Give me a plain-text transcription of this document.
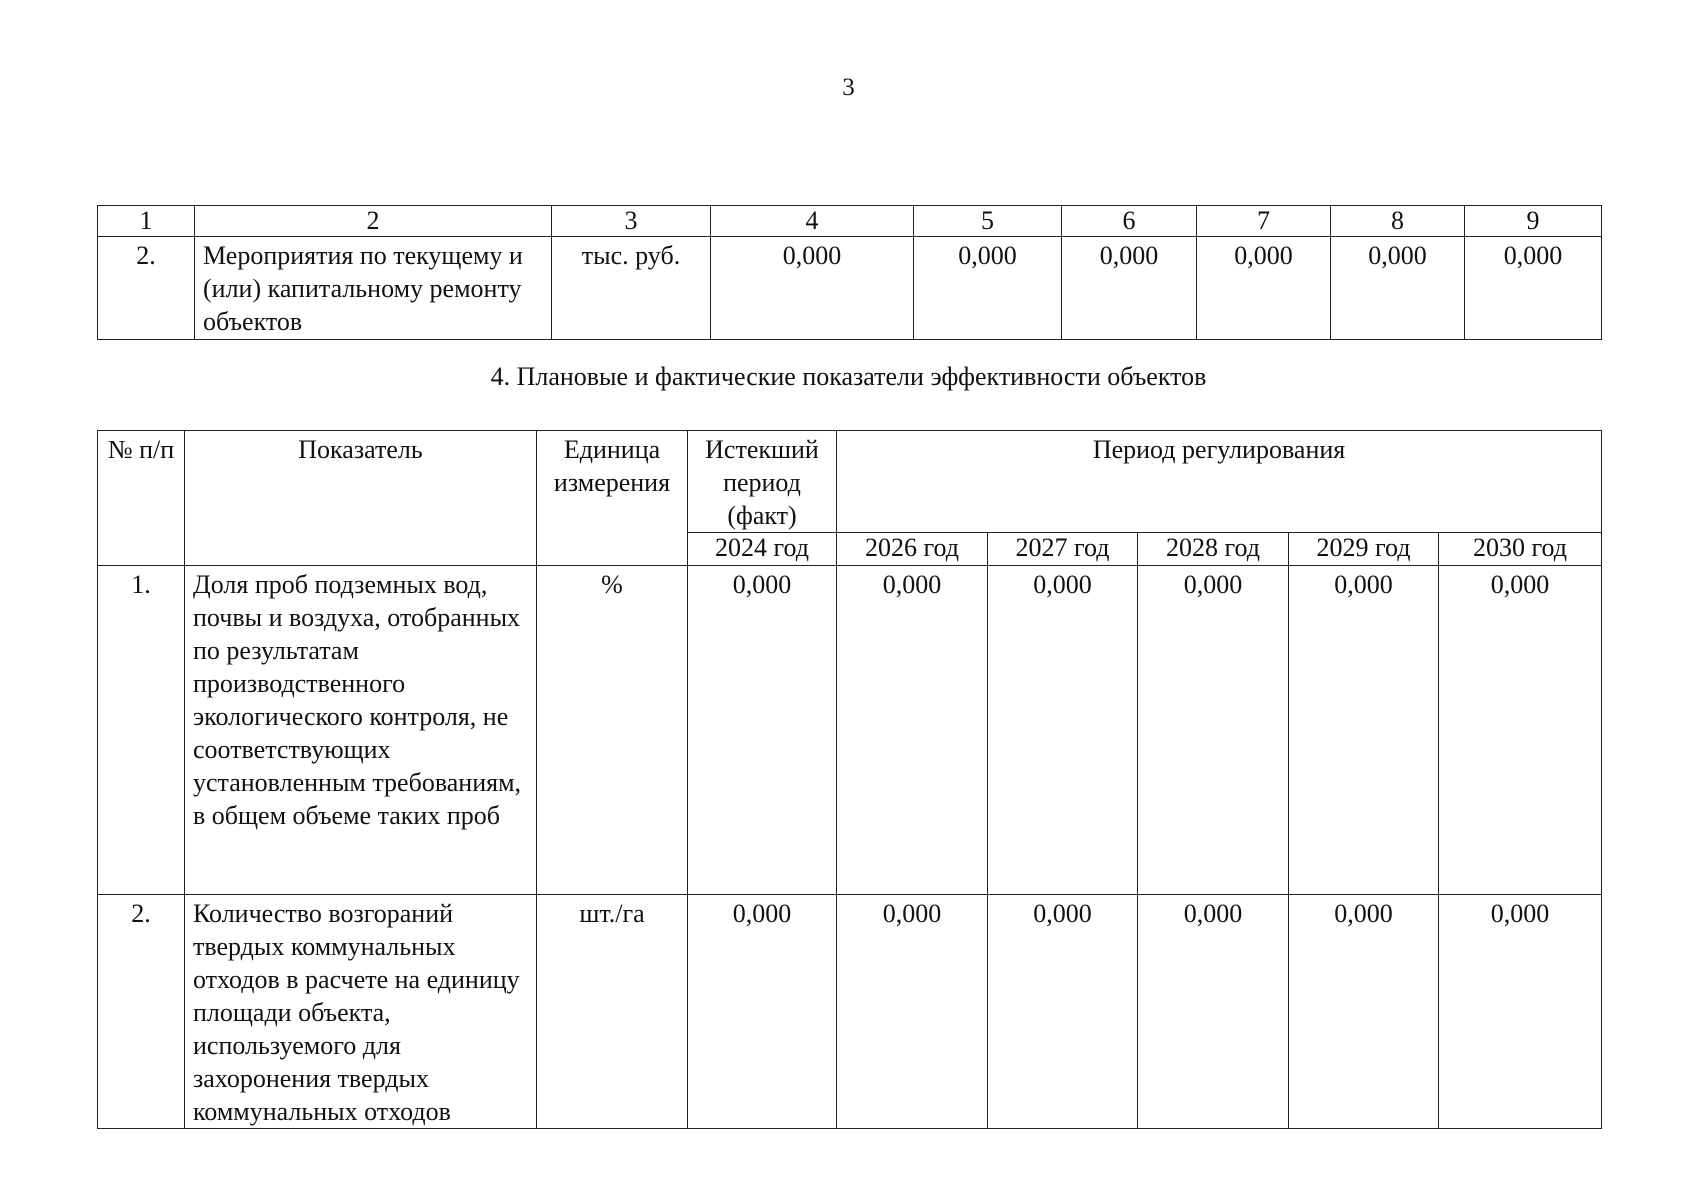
3
1	2	3	4	5	6	7	8	9
2.	Мероприятия по текущему и (или) капитальному ремонту объектов	тыс. руб.	0,000	0,000	0,000	0,000	0,000	0,000
4. Плановые и фактические показатели эффективности объектов
№ п/п	Показатель	Единица измерения	Истекший период (факт)	Период регулирования				
			2024 год	2026 год	2027 год	2028 год	2029 год	2030 год
1.	Доля проб подземных вод, почвы и воздуха, отобранных по результатам производственного экологического контроля, не соответствующих установленным требованиям, в общем объеме таких проб	%	0,000	0,000	0,000	0,000	0,000	0,000
2.	Количество возгораний твердых коммунальных отходов в расчете на единицу площади объекта, используемого для захоронения твердых коммунальных отходов	шт./га	0,000	0,000	0,000	0,000	0,000	0,000
